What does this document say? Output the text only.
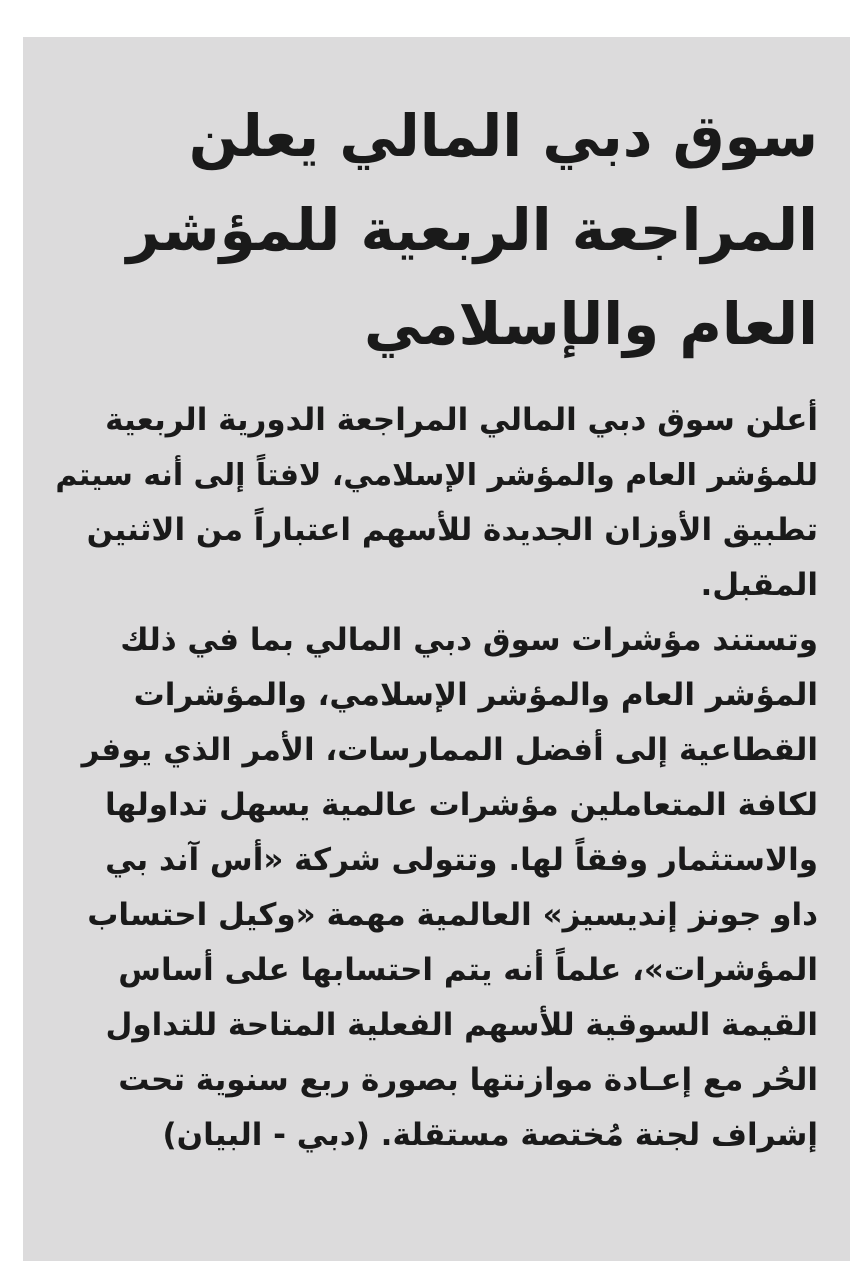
سوق دبي المالي يعلن
المراجعة الربعية للمؤشر
العام والإسلامي
أعلن سوق دبي المالي المراجعة الدورية الربعية
للمؤشر العام والمؤشر الإسلامي، لافتاً إلى أنه سيتم
تطبيق الأوزان الجديدة للأسهم اعتباراً من الاثنين
المقبل.
وتستند مؤشرات سوق دبي المالي بما في ذلك
المؤشر العام والمؤشر الإسلامي، والمؤشرات
القطاعية إلى أفضل الممارسات، الأمر الذي يوفر
لكافة المتعاملين مؤشرات عالمية يسهل تداولها
والاستثمار وفقاً لها. وتتولى شركة «أس آند بي
داو جونز إنديسيز» العالمية مهمة «وكيل احتساب
المؤشرات»، علماً أنه يتم احتسابها على أساس
القيمة السوقية للأسهم الفعلية المتاحة للتداول
الحُر مع إعـادة موازنتها بصورة ربع سنوية تحت
إشراف لجنة مُختصة مستقلة. (دبي - البيان)
